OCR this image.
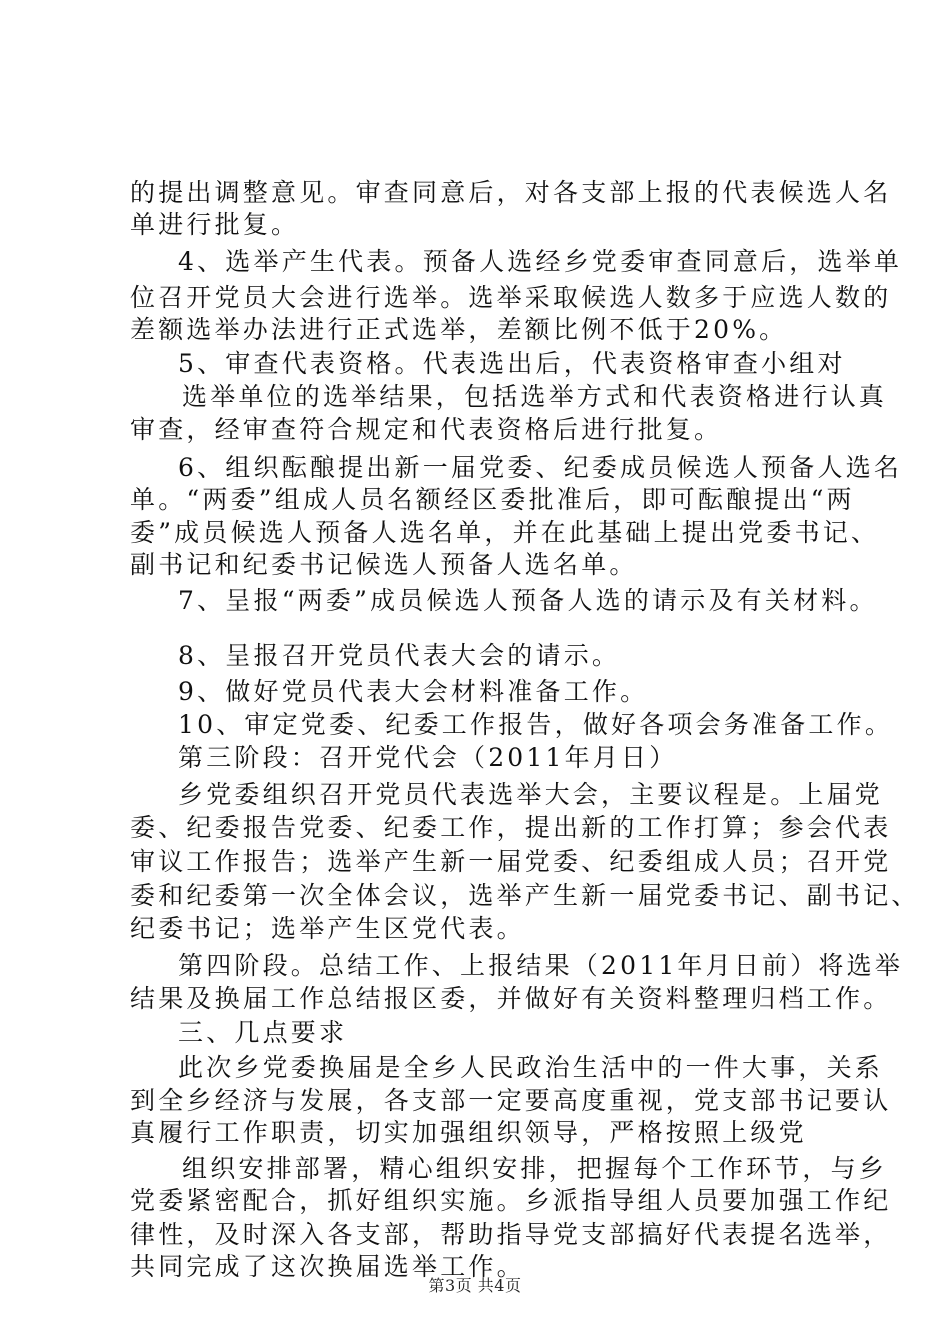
的提出调整意见。审查同意后，对各支部上报的代表候选人名
单进行批复。
4、选举产生代表。预备人选经乡党委审查同意后，选举单
位召开党员大会进行选举。选举采取候选人数多于应选人数的
差额选举办法进行正式选举，差额比例不低于20%。
5、审查代表资格。代表选出后，代表资格审查小组对
选举单位的选举结果，包括选举方式和代表资格进行认真
审查，经审查符合规定和代表资格后进行批复。
6、组织酝酿提出新一届党委、纪委成员候选人预备人选名
单。“两委”组成人员名额经区委批准后，即可酝酿提出“两
委”成员候选人预备人选名单，并在此基础上提出党委书记、
副书记和纪委书记候选人预备人选名单。
7、呈报“两委”成员候选人预备人选的请示及有关材料。
8、呈报召开党员代表大会的请示。
9、做好党员代表大会材料准备工作。
10、审定党委、纪委工作报告，做好各项会务准备工作。
第三阶段：召开党代会（2011年月日）
乡党委组织召开党员代表选举大会，主要议程是。上届党
委、纪委报告党委、纪委工作，提出新的工作打算；参会代表
审议工作报告；选举产生新一届党委、纪委组成人员；召开党
委和纪委第一次全体会议，选举产生新一届党委书记、副书记、
纪委书记；选举产生区党代表。
第四阶段。总结工作、上报结果（2011年月日前）将选举
结果及换届工作总结报区委，并做好有关资料整理归档工作。
三、几点要求
此次乡党委换届是全乡人民政治生活中的一件大事，关系
到全乡经济与发展，各支部一定要高度重视，党支部书记要认
真履行工作职责，切实加强组织领导，严格按照上级党
组织安排部署，精心组织安排，把握每个工作环节，与乡
党委紧密配合，抓好组织实施。乡派指导组人员要加强工作纪
律性，及时深入各支部，帮助指导党支部搞好代表提名选举，
共同完成了这次换届选举工作。
第3页 共4页
